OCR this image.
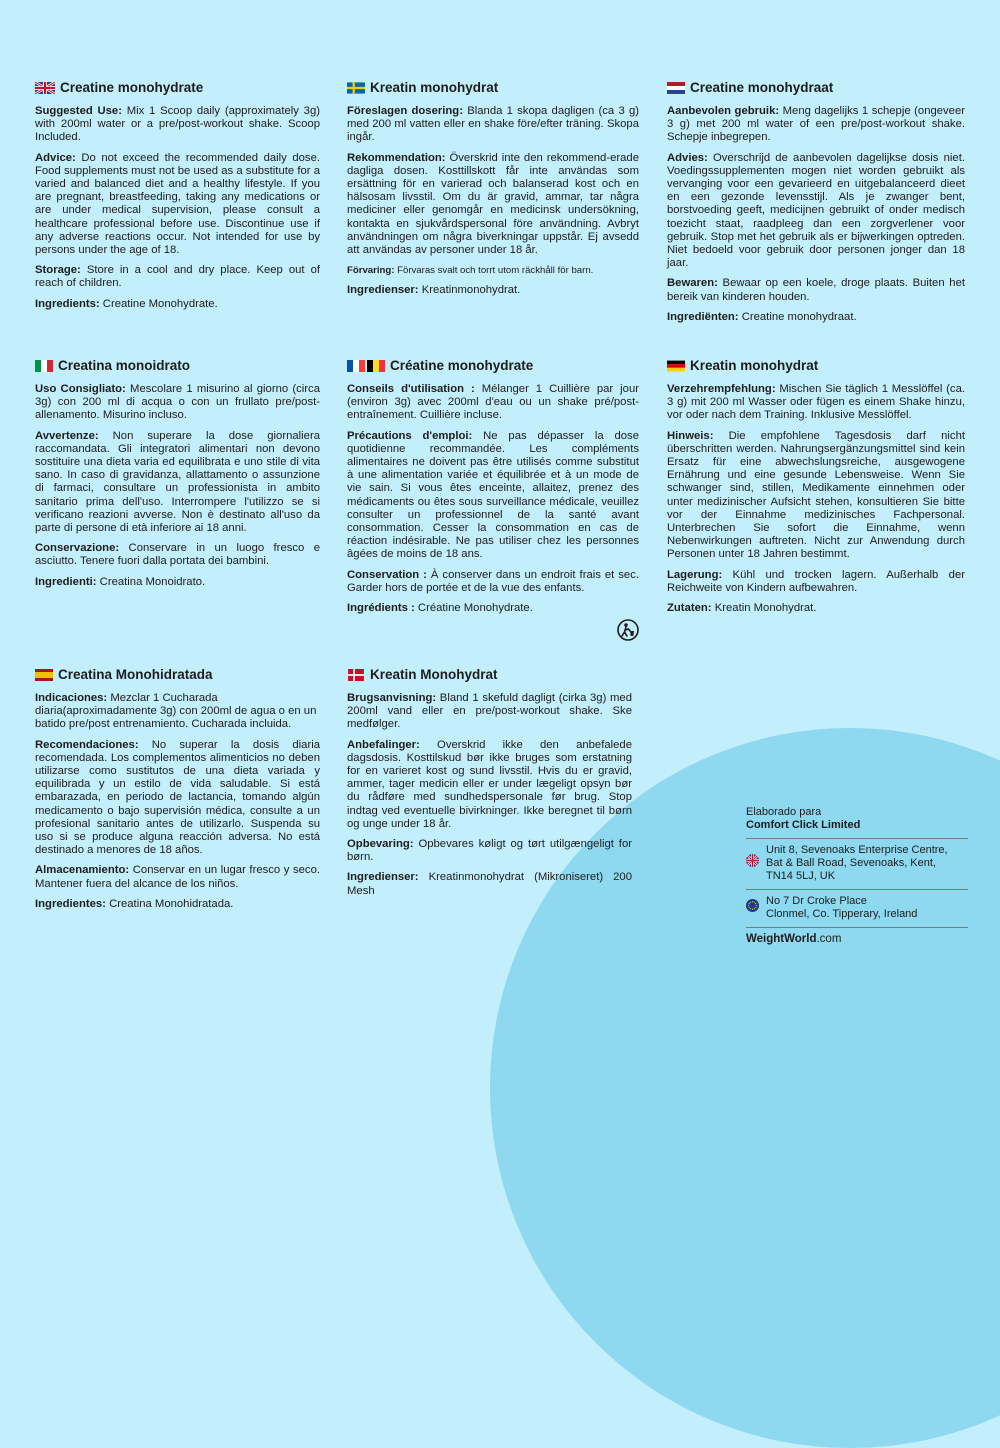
Creatine monohydrate

Suggested Use: Mix 1 Scoop daily (approximately 3g) with 200ml water or a pre/post-workout shake. Scoop Included.

Advice: Do not exceed the recommended daily dose. Food supplements must not be used as a substitute for a varied and balanced diet and a healthy lifestyle. If you are pregnant, breastfeeding, taking any medications or are under medical supervision, please consult a healthcare professional before use. Discontinue use if any adverse reactions occur. Not intended for use by persons under the age of 18.

Storage: Store in a cool and dry place. Keep out of reach of children.

Ingredients: Creatine Monohydrate.

Kreatin monohydrat

Föreslagen dosering: Blanda 1 skopa dagligen (ca 3 g) med 200 ml vatten eller en shake före/efter träning. Skopa ingår.

Rekommendation: Överskrid inte den rekommend-erade dagliga dosen. Kosttillskott får inte användas som ersättning för en varierad och balanserad kost och en hälsosam livsstil. Om du är gravid, ammar, tar några mediciner eller genomgår en medicinsk undersökning, kontakta en sjukvårdspersonal före användning. Avbryt användningen om några biverkningar uppstår. Ej avsedd att användas av personer under 18 år.

Förvaring: Förvaras svalt och torrt utom räckhåll för barn.

Ingredienser: Kreatinmonohydrat.

Creatine monohydraat

Aanbevolen gebruik: Meng dagelijks 1 schepje (ongeveer 3 g) met 200 ml water of een pre/post-workout shake. Schepje inbegrepen.

Advies: Overschrijd de aanbevolen dagelijkse dosis niet. Voedingssupplementen mogen niet worden gebruikt als vervanging voor een gevarieerd en uitgebalanceerd dieet en een gezonde levensstijl. Als je zwanger bent, borstvoeding geeft, medicijnen gebruikt of onder medisch toezicht staat, raadpleeg dan een zorgverlener voor gebruik. Stop met het gebruik als er bijwerkingen optreden. Niet bedoeld voor gebruik door personen jonger dan 18 jaar.

Bewaren: Bewaar op een koele, droge plaats. Buiten het bereik van kinderen houden.

Ingrediënten: Creatine monohydraat.

Creatina monoidrato

Uso Consigliato: Mescolare 1 misurino al giorno (circa 3g) con 200 ml di acqua o con un frullato pre/post-allenamento. Misurino incluso.

Avvertenze: Non superare la dose giornaliera raccomandata. Gli integratori alimentari non devono sostituire una dieta varia ed equilibrata e uno stile di vita sano. In caso di gravidanza, allattamento o assunzione di farmaci, consultare un professionista in ambito sanitario prima dell'uso. Interrompere l'utilizzo se si verificano reazioni avverse. Non è destinato all'uso da parte di persone di età inferiore ai 18 anni.

Conservazione: Conservare in un luogo fresco e asciutto. Tenere fuori dalla portata dei bambini.

Ingredienti: Creatina Monoidrato.

Créatine monohydrate

Conseils d'utilisation : Mélanger 1 Cuillière par jour (environ 3g) avec 200ml d'eau ou un shake pré/post-entraînement. Cuillière incluse.

Précautions d'emploi: Ne pas dépasser la dose quotidienne recommandée. Les compléments alimentaires ne doivent pas être utilisés comme substitut à une alimentation variée et équilibrée et à un mode de vie sain. Si vous êtes enceinte, allaitez, prenez des médicaments ou êtes sous surveillance médicale, veuillez consulter un professionnel de la santé avant consommation. Cesser la consommation en cas de réaction indésirable. Ne pas utiliser chez les personnes âgées de moins de 18 ans.

Conservation : À conserver dans un endroit frais et sec. Garder hors de portée et de la vue des enfants.

Ingrédients : Créatine Monohydrate.

Kreatin monohydrat

Verzehrempfehlung: Mischen Sie täglich 1 Messlöffel (ca. 3 g) mit 200 ml Wasser oder fügen es einem Shake hinzu, vor oder nach dem Training. Inklusive Messlöffel.

Hinweis: Die empfohlene Tagesdosis darf nicht überschritten werden. Nahrungsergänzungsmittel sind kein Ersatz für eine abwechslungsreiche, ausgewogene Ernährung und eine gesunde Lebensweise. Wenn Sie schwanger sind, stillen, Medikamente einnehmen oder unter medizinischer Aufsicht stehen, konsultieren Sie bitte vor der Einnahme medizinisches Fachpersonal. Unterbrechen Sie sofort die Einnahme, wenn Nebenwirkungen auftreten. Nicht zur Anwendung durch Personen unter 18 Jahren bestimmt.

Lagerung: Kühl und trocken lagern. Außerhalb der Reichweite von Kindern aufbewahren.

Zutaten: Kreatin Monohydrat.

Creatina Monohidratada

Indicaciones: Mezclar 1 Cucharada diaria(aproximadamente 3g) con 200ml de agua o en un batido pre/post entrenamiento. Cucharada incluida.

Recomendaciones: No superar la dosis diaria recomendada. Los complementos alimenticios no deben utilizarse como sustitutos de una dieta variada y equilibrada y un estilo de vida saludable. Si está embarazada, en periodo de lactancia, tomando algún medicamento o bajo supervisión médica, consulte a un profesional sanitario antes de utilizarlo. Suspenda su uso si se produce alguna reacción adversa. No está destinado a menores de 18 años.

Almacenamiento: Conservar en un lugar fresco y seco. Mantener fuera del alcance de los niños.

Ingredientes: Creatina Monohidratada.

Kreatin Monohydrat

Brugsanvisning: Bland 1 skefuld dagligt (cirka 3g) med 200ml vand eller en pre/post-workout shake. Ske medfølger.

Anbefalinger: Overskrid ikke den anbefalede dagsdosis. Kosttilskud bør ikke bruges som erstatning for en varieret kost og sund livsstil. Hvis du er gravid, ammer, tager medicin eller er under lægeligt opsyn bør du rådføre med sundhedspersonale før brug. Stop indtag ved eventuelle bivirkninger. Ikke beregnet til børn og unge under 18 år.

Opbevaring: Opbevares køligt og tørt utilgængeligt for børn.

Ingredienser: Kreatinmonohydrat (Mikroniseret) 200 Mesh

Elaborado para

Comfort Click Limited

Unit 8, Sevenoaks Enterprise Centre,
Bat & Ball Road, Sevenoaks, Kent,
TN14 5LJ, UK
No 7 Dr Croke Place
Clonmel, Co. Tipperary, Ireland
WeightWorld.com
